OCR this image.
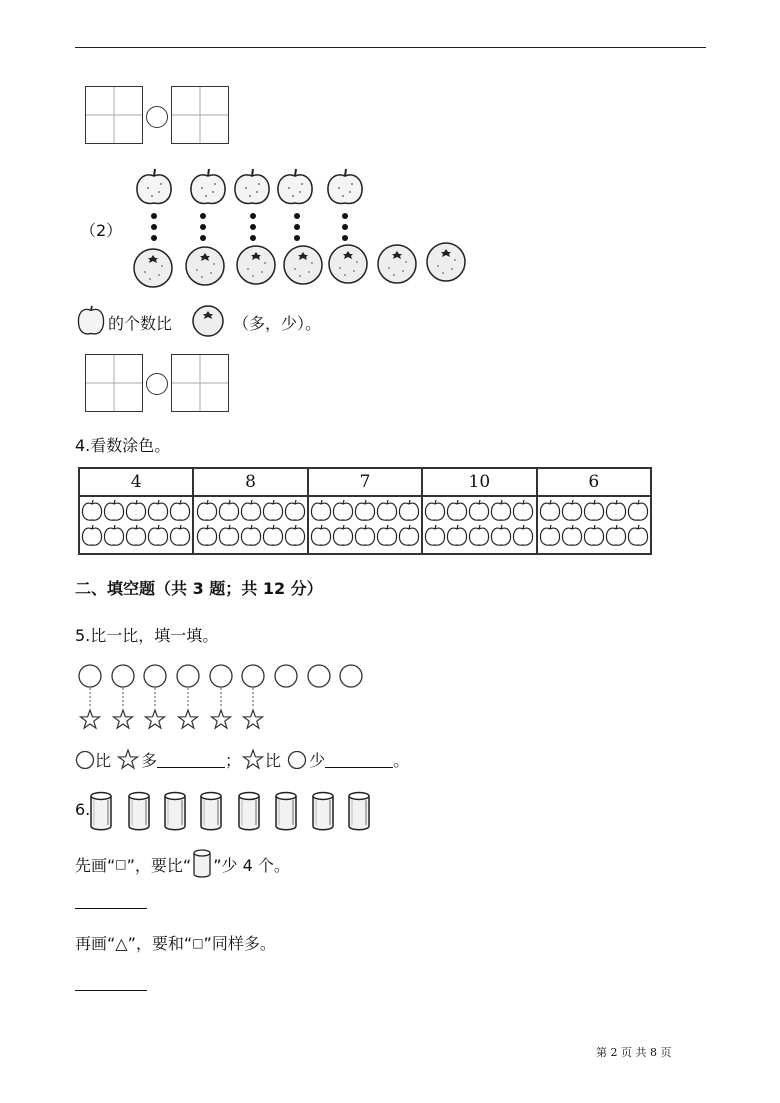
（2）
的个数比	（多，少）。
4.看数涂色。
4	8	7	10	6

二、填空题（共 3 题；共 12 分）
5.比一比，填一填。
比 多	； 比 少	。
6.
先画“ □ ”，要比“ ”少 4 个。
再画“△”，要和“ □ ”同样多。
第 2 页 共 8 页
